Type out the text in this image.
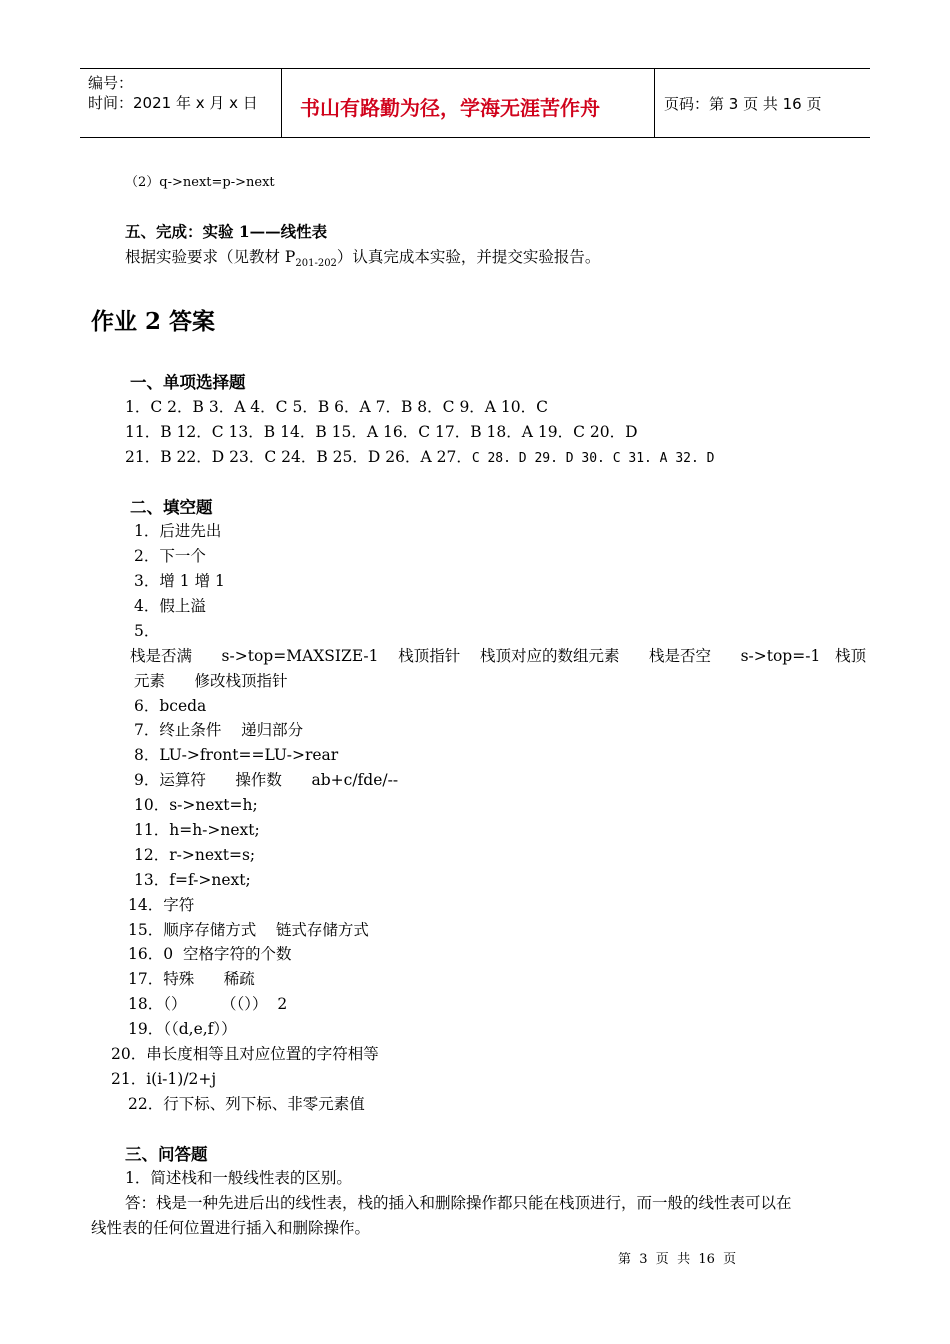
编号：
时间：2021 年 x 月 x 日	书山有路勤为径，学海无涯苦作舟	页码：第 3 页 共 16 页
（2）q->next=p->next
五、完成：实验 1——线性表
根据实验要求（见教材 $P_{201-202}$）认真完成本实验，并提交实验报告。
作业 2 答案
一、单项选择题
1．C 2．B 3．A 4．C 5．B 6．A 7．B 8．C 9．A 10．C
11．B 12．C 13．B 14．B 15．A 16．C 17．B 18．A 19．C 20．D
21．B 22．D 23．C 24．B 25．D 26．A 27．C 28. D 29. D 30. C 31. A 32. D
二、填空题
1．后进先出
2．下一个
3．增 1 增 1
4．假上溢
5．
栈是否满      s->top=MAXSIZE-1    栈顶指针    栈顶对应的数组元素      栈是否空      s->top=-1   栈顶
元素      修改栈顶指针
6．bceda
7．终止条件    递归部分
8．LU->front==LU->rear
9．运算符      操作数      ab+c/fde/--
10．s->next=h;
11．h=h->next;
12．r->next=s;
13．f=f->next;
14．字符
15．顺序存储方式    链式存储方式
16．0  空格字符的个数
17．特殊      稀疏
18．（）       （（））  2
19．（（d,e,f））
20．串长度相等且对应位置的字符相等
21．i(i-1)/2+j
22．行下标、列下标、非零元素值
三、问答题
1．简述栈和一般线性表的区别。
答：栈是一种先进后出的线性表，栈的插入和删除操作都只能在栈顶进行，而一般的线性表可以在
线性表的任何位置进行插入和删除操作。
第  3  页  共  16  页
